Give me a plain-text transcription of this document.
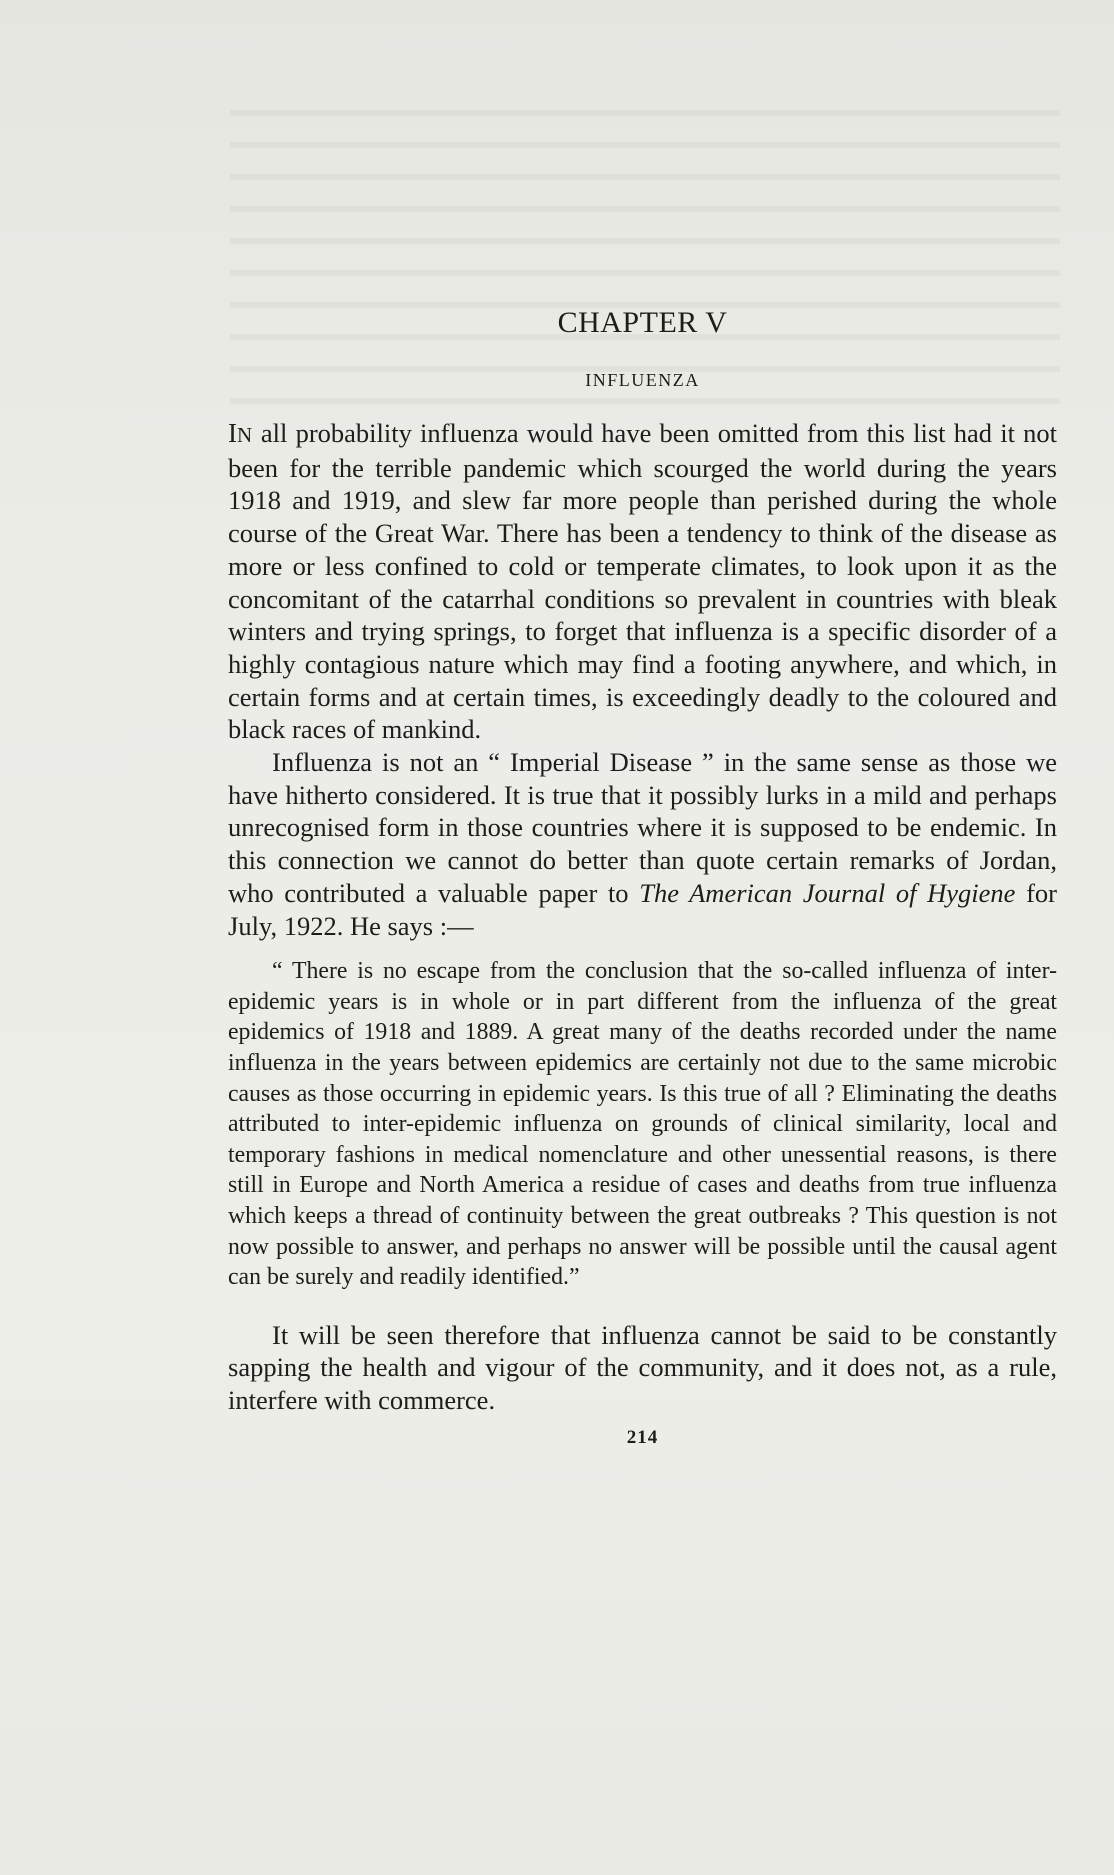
CHAPTER V
INFLUENZA

IN all probability influenza would have been omitted from this list had it not been for the terrible pandemic which scourged the world during the years 1918 and 1919, and slew far more people than perished during the whole course of the Great War. There has been a tendency to think of the disease as more or less confined to cold or temperate climates, to look upon it as the concomitant of the catarrhal conditions so prevalent in countries with bleak winters and trying springs, to forget that influenza is a specific disorder of a highly contagious nature which may find a footing anywhere, and which, in certain forms and at certain times, is exceedingly deadly to the coloured and black races of mankind.

Influenza is not an “ Imperial Disease ” in the same sense as those we have hitherto considered. It is true that it possibly lurks in a mild and perhaps unrecognised form in those countries where it is supposed to be endemic. In this connection we cannot do better than quote certain remarks of Jordan, who contributed a valuable paper to The American Journal of Hygiene for July, 1922. He says :—

“ There is no escape from the conclusion that the so-called influenza of inter-epidemic years is in whole or in part different from the influenza of the great epidemics of 1918 and 1889. A great many of the deaths recorded under the name influenza in the years between epidemics are certainly not due to the same microbic causes as those occurring in epidemic years. Is this true of all ? Eliminating the deaths attributed to inter-epidemic influenza on grounds of clinical similarity, local and temporary fashions in medical nomenclature and other unessential reasons, is there still in Europe and North America a residue of cases and deaths from true influenza which keeps a thread of continuity between the great outbreaks ? This question is not now possible to answer, and perhaps no answer will be possible until the causal agent can be surely and readily identified.”

It will be seen therefore that influenza cannot be said to be constantly sapping the health and vigour of the community, and it does not, as a rule, interfere with commerce.

214
